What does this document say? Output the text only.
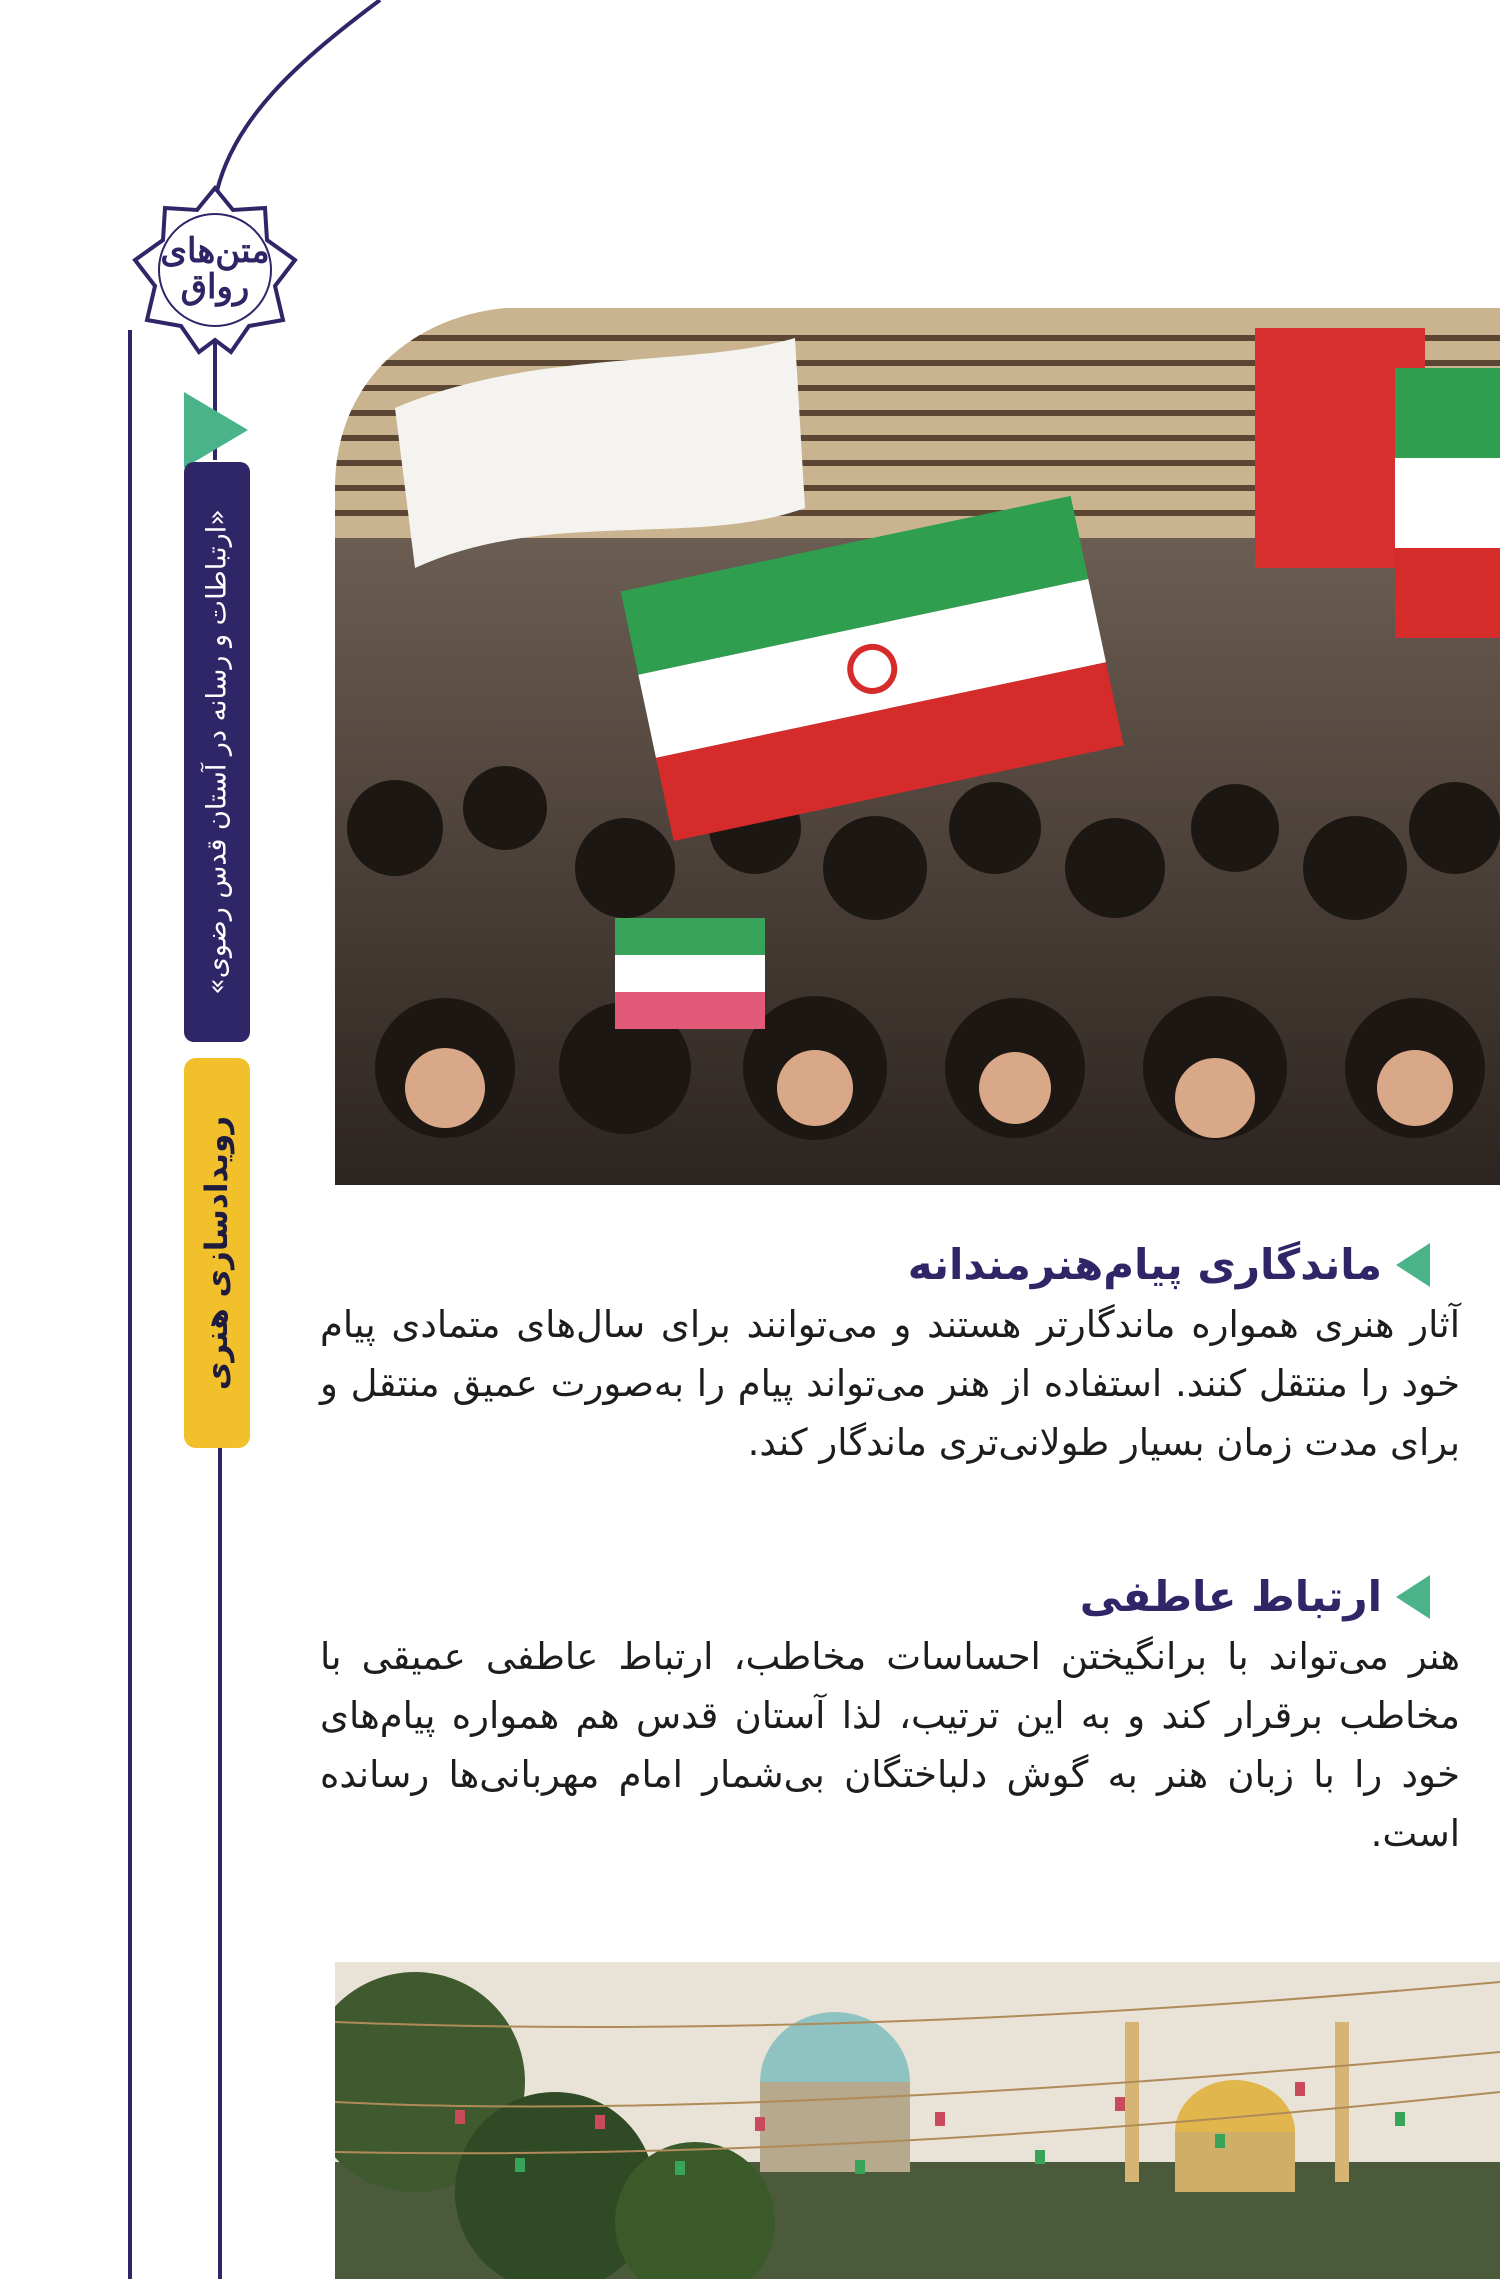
متن‌های رواق
«ارتباطات و رسانه در آستان قدس رضوی»
رویدادسازی هنری	ماندگاری پیام‌هنرمندانه

آثار هنری همواره ماندگارتر هستند و می‌توانند برای سال‌های متمادی پیام خود را منتقل کنند. استفاده از هنر می‌تواند پیام را به‌صورت عمیق منتقل و برای مدت زمان بسیار طولانی‌تری ماندگار کند.

ارتباط عاطفی

هنر می‌تواند با برانگیختن احساسات مخاطب، ارتباط عاطفی عمیقی با مخاطب برقرار کند و به این ترتیب، لذا آستان قدس هم همواره پیام‌های خود را با زبان هنر به گوش دلباختگان بی‌شمار امام مهربانی‌ها رسانده است.
